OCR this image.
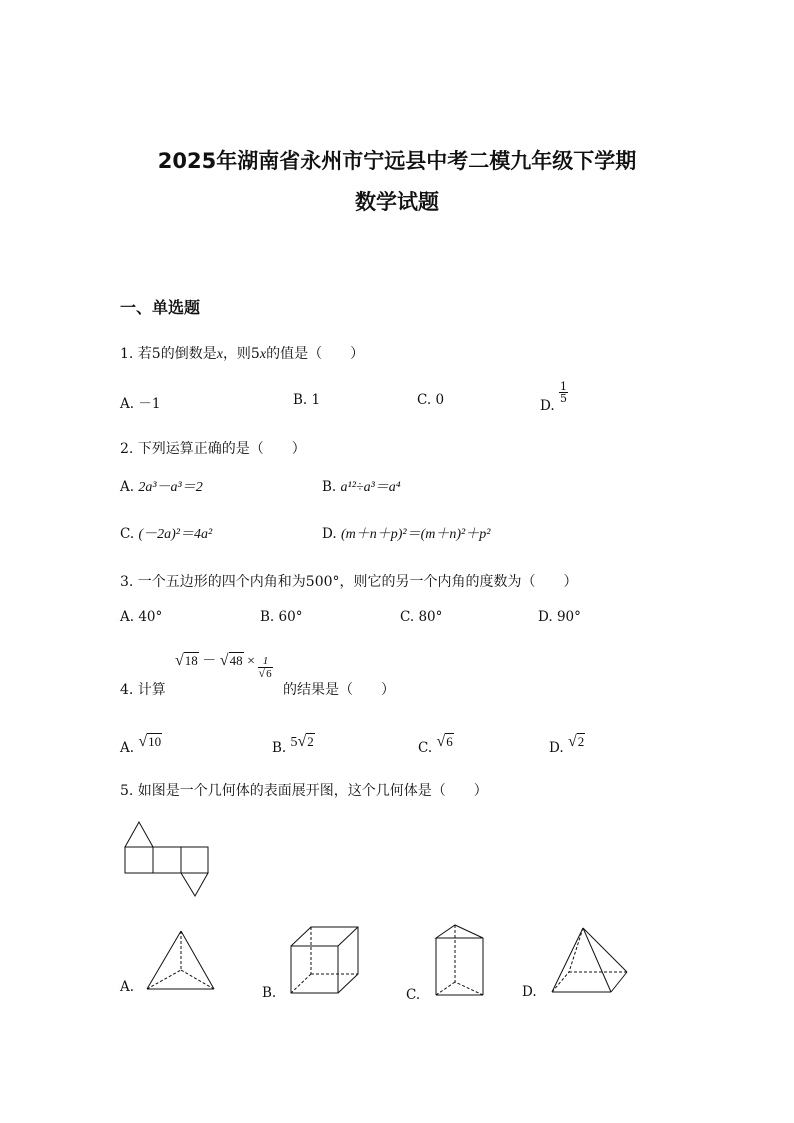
2025年湖南省永州市宁远县中考二模九年级下学期
数学试题
一、单选题
1. 若5的倒数是x，则5x的值是（　　）
A. －1	B. 1	C. 0	D.
$\frac{1}{5}$
2. 下列运算正确的是（　　）
A. 2a³－a³＝2	B. a¹²÷a³＝a⁴
C. (－2a)²＝4a²	D. (m＋n＋p)²＝(m＋n)²＋p²
3. 一个五边形的四个内角和为500°，则它的另一个内角的度数为（　　）
A. 40°	B. 60°	C. 80°	D. 90°
4. 计算
$√18 - √48 \times \frac{1}{√6}$
的结果是（　　）
A. √10	B. 5√2	C. √6	D. √2
5. 如图是一个几何体的表面展开图，这个几何体是（　　）
A.	B.	C.	D.
